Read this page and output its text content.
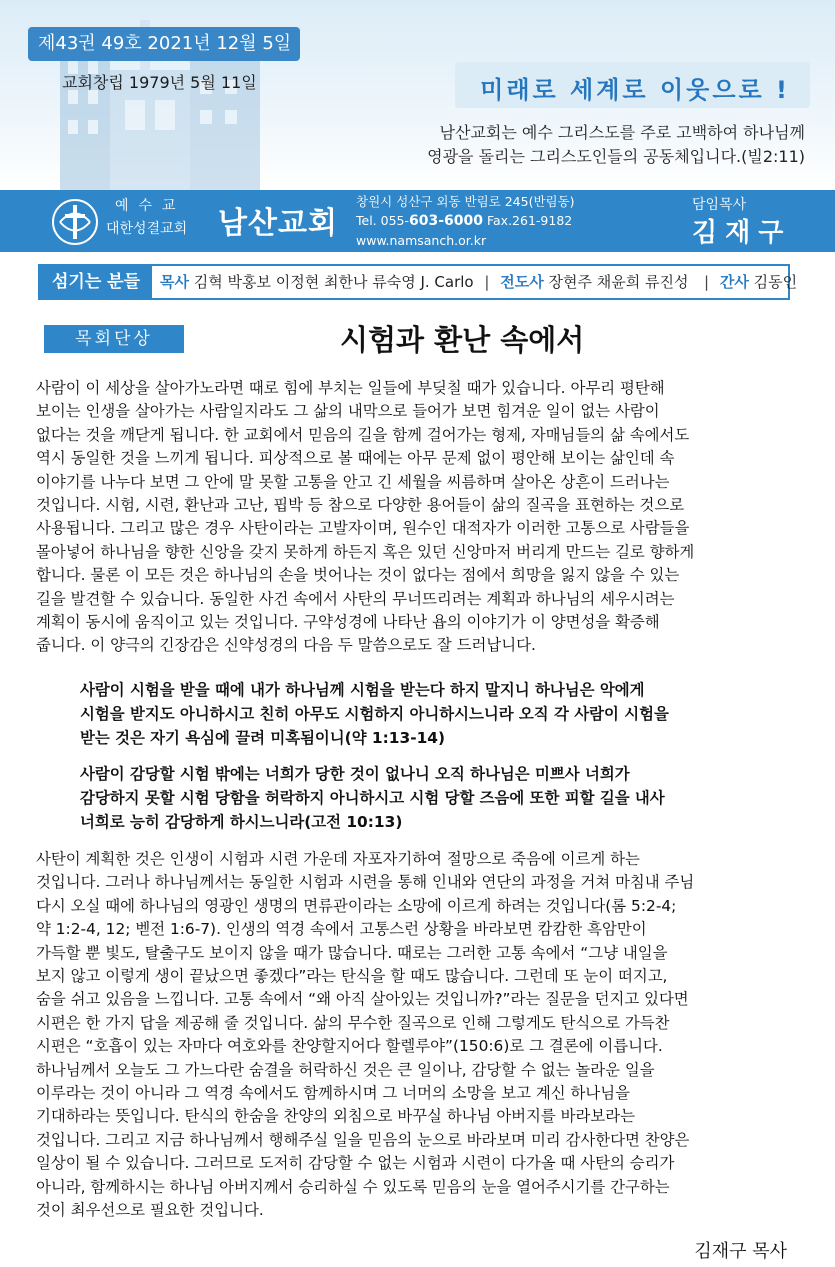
제43권 49호 2021년 12월 5일
교회창립 1979년 5월 11일	미래로 세계로 이웃으로 !
남산교회는 예수 그리스도를 주로 고백하여 하나님께
영광을 돌리는 그리스도인들의 공동체입니다.(빌2:11)
예수교
대한성결교회 남산교회
창원시 성산구 외동 반림로 245(반림동)
Tel. 055-603-6000 Fax.261-9182
www.namsanch.or.kr
담임목사
김재구
섬기는 분들	목사 김혁 박홍보 이정현 최한나 류숙영 J. Carlo | 전도사 장현주 채윤희 류진성  | 간사 김동인
목회단상	시험과 환난 속에서
사람이 이 세상을 살아가노라면 때로 힘에 부치는 일들에 부딪칠 때가 있습니다. 아무리 평탄해
보이는 인생을 살아가는 사람일지라도 그 삶의 내막으로 들어가 보면 힘겨운 일이 없는 사람이
없다는 것을 깨닫게 됩니다. 한 교회에서 믿음의 길을 함께 걸어가는 형제, 자매님들의 삶 속에서도
역시 동일한 것을 느끼게 됩니다. 피상적으로 볼 때에는 아무 문제 없이 평안해 보이는 삶인데 속
이야기를 나누다 보면 그 안에 말 못할 고통을 안고 긴 세월을 씨름하며 살아온 상흔이 드러나는
것입니다. 시험, 시련, 환난과 고난, 핍박 등 참으로 다양한 용어들이 삶의 질곡을 표현하는 것으로
사용됩니다. 그리고 많은 경우 사탄이라는 고발자이며, 원수인 대적자가 이러한 고통으로 사람들을
몰아넣어 하나님을 향한 신앙을 갖지 못하게 하든지 혹은 있던 신앙마저 버리게 만드는 길로 향하게
합니다. 물론 이 모든 것은 하나님의 손을 벗어나는 것이 없다는 점에서 희망을 잃지 않을 수 있는
길을 발견할 수 있습니다. 동일한 사건 속에서 사탄의 무너뜨리려는 계획과 하나님의 세우시려는
계획이 동시에 움직이고 있는 것입니다. 구약성경에 나타난 욥의 이야기가 이 양면성을 확증해
줍니다. 이 양극의 긴장감은 신약성경의 다음 두 말씀으로도 잘 드러납니다.
사람이 시험을 받을 때에 내가 하나님께 시험을 받는다 하지 말지니 하나님은 악에게
시험을 받지도 아니하시고 친히 아무도 시험하지 아니하시느니라 오직 각 사람이 시험을
받는 것은 자기 욕심에 끌려 미혹됨이니(약 1:13-14)
사람이 감당할 시험 밖에는 너희가 당한 것이 없나니 오직 하나님은 미쁘사 너희가
감당하지 못할 시험 당함을 허락하지 아니하시고 시험 당할 즈음에 또한 피할 길을 내사
너희로 능히 감당하게 하시느니라(고전 10:13)
사탄이 계획한 것은 인생이 시험과 시련 가운데 자포자기하여 절망으로 죽음에 이르게 하는
것입니다. 그러나 하나님께서는 동일한 시험과 시련을 통해 인내와 연단의 과정을 거쳐 마침내 주님
다시 오실 때에 하나님의 영광인 생명의 면류관이라는 소망에 이르게 하려는 것입니다(롬 5:2-4;
약 1:2-4, 12; 벧전 1:6-7). 인생의 역경 속에서 고통스런 상황을 바라보면 캄캄한 흑암만이
가득할 뿐 빛도, 탈출구도 보이지 않을 때가 많습니다. 때로는 그러한 고통 속에서 “그냥 내일을
보지 않고 이렇게 생이 끝났으면 좋겠다”라는 탄식을 할 때도 많습니다. 그런데 또 눈이 떠지고,
숨을 쉬고 있음을 느낍니다. 고통 속에서 “왜 아직 살아있는 것입니까?”라는 질문을 던지고 있다면
시편은 한 가지 답을 제공해 줄 것입니다. 삶의 무수한 질곡으로 인해 그렇게도 탄식으로 가득찬
시편은 “호흡이 있는 자마다 여호와를 찬양할지어다 할렐루야”(150:6)로 그 결론에 이릅니다.
하나님께서 오늘도 그 가느다란 숨결을 허락하신 것은 큰 일이나, 감당할 수 없는 놀라운 일을
이루라는 것이 아니라 그 역경 속에서도 함께하시며 그 너머의 소망을 보고 계신 하나님을
기대하라는 뜻입니다. 탄식의 한숨을 찬양의 외침으로 바꾸실 하나님 아버지를 바라보라는
것입니다. 그리고 지금 하나님께서 행해주실 일을 믿음의 눈으로 바라보며 미리 감사한다면 찬양은
일상이 될 수 있습니다. 그러므로 도저히 감당할 수 없는 시험과 시련이 다가올 때 사탄의 승리가
아니라, 함께하시는 하나님 아버지께서 승리하실 수 있도록 믿음의 눈을 열어주시기를 간구하는
것이 최우선으로 필요한 것입니다.
김재구 목사
